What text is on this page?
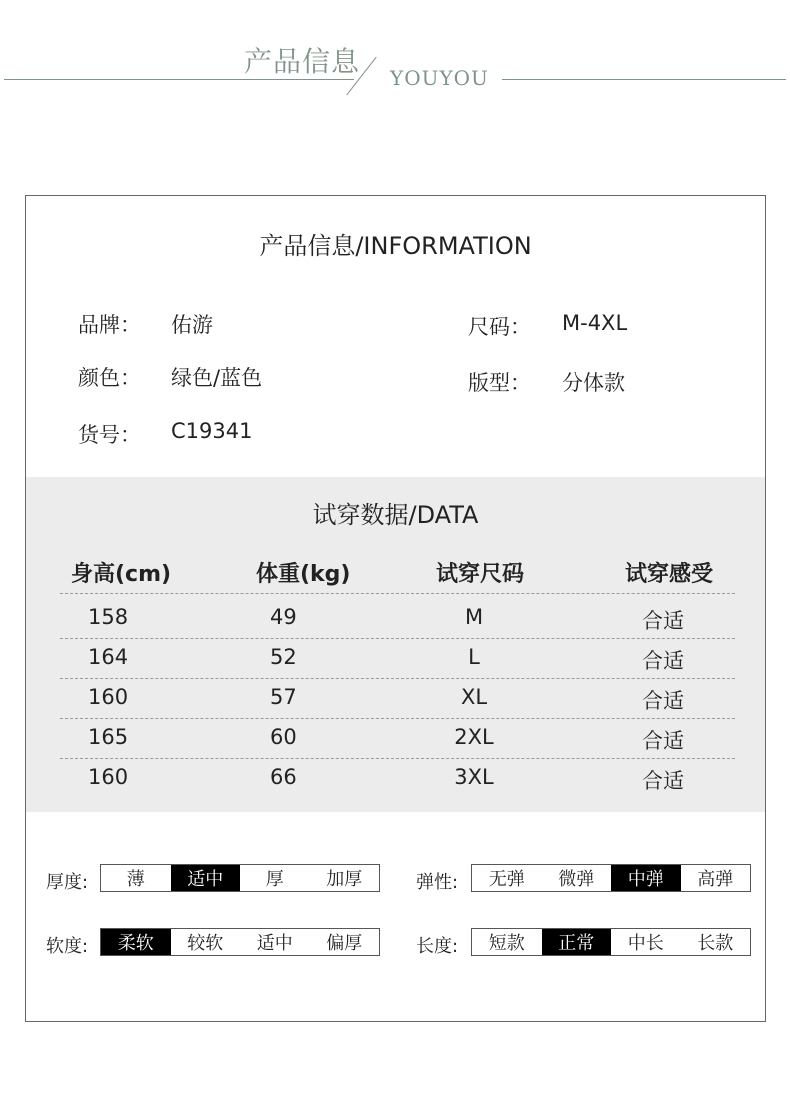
产品信息 YOUYOU
产品信息/INFORMATION
品牌： 佑游	尺码： M-4XL
颜色： 绿色/蓝色	版型： 分体款
货号： C19341
试穿数据/DATA
身高(cm)	体重(kg)	试穿尺码	试穿感受
158	49	M	合适
164	52	L	合适
160	57	XL	合适
165	60	2XL	合适
160	66	3XL	合适
厚度:	薄	适中	厚	加厚	弹性:	无弹	微弹	中弹	高弹
软度:	柔软	较软	适中	偏厚	长度:	短款	正常	中长	长款
